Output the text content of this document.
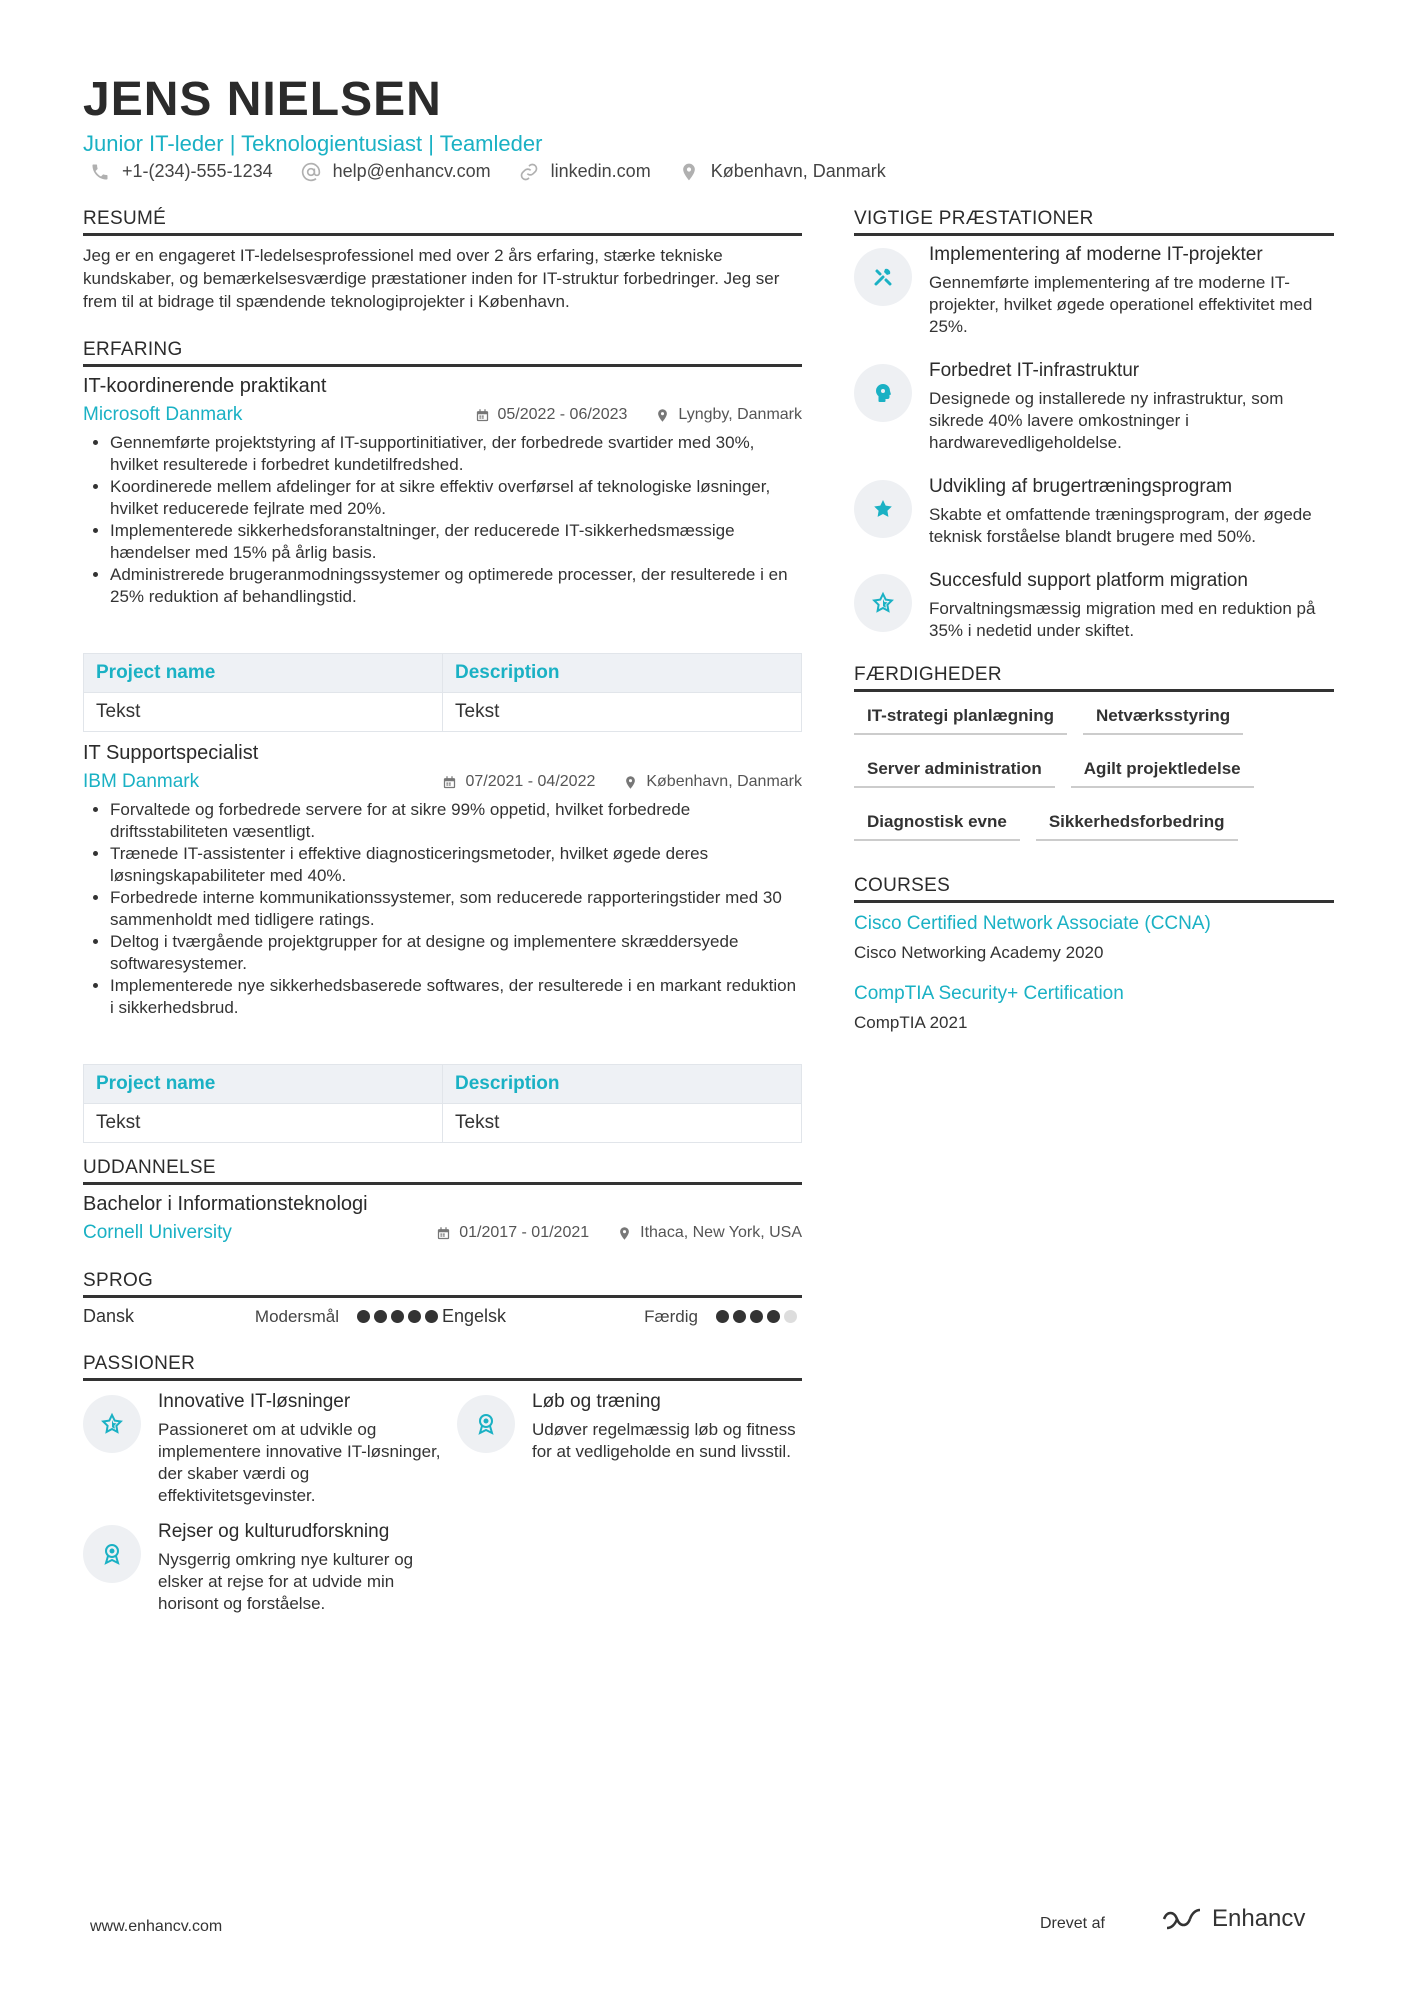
JENS NIELSEN
Junior IT-leder | Teknologientusiast | Teamleder
+1-(234)-555-1234	help@enhancv.com	linkedin.com	København, Danmark
RESUMÉ

Jeg er en engageret IT-ledelsesprofessionel med over 2 års erfaring, stærke tekniske kundskaber, og bemærkelsesværdige præstationer inden for IT-struktur forbedringer. Jeg ser frem til at bidrage til spændende teknologiprojekter i København.

ERFARING
IT-koordinerende praktikant
Microsoft Danmark	05/2022 - 06/2023	Lyngby, Danmark
• Gennemførte projektstyring af IT-supportinitiativer, der forbedrede svartider med 30%, hvilket resulterede i forbedret kundetilfredshed.
• Koordinerede mellem afdelinger for at sikre effektiv overførsel af teknologiske løsninger, hvilket reducerede fejlrate med 20%.
• Implementerede sikkerhedsforanstaltninger, der reducerede IT-sikkerhedsmæssige hændelser med 15% på årlig basis.
• Administrerede brugeranmodningssystemer og optimerede processer, der resulterede i en 25% reduktion af behandlingstid.
Project name	Description
Tekst	Tekst
IT Supportspecialist
IBM Danmark	07/2021 - 04/2022	København, Danmark
• Forvaltede og forbedrede servere for at sikre 99% oppetid, hvilket forbedrede driftsstabiliteten væsentligt.
• Trænede IT-assistenter i effektive diagnosticeringsmetoder, hvilket øgede deres løsningskapabiliteter med 40%.
• Forbedrede interne kommunikationssystemer, som reducerede rapporteringstider med 30 sammenholdt med tidligere ratings.
• Deltog i tværgående projektgrupper for at designe og implementere skræddersyede softwaresystemer.
• Implementerede nye sikkerhedsbaserede softwares, der resulterede i en markant reduktion i sikkerhedsbrud.
Project name	Description
Tekst	Tekst
UDDANNELSE
Bachelor i Informationsteknologi
Cornell University	01/2017 - 01/2021	Ithaca, New York, USA
SPROG
Dansk	Modersmål	Engelsk	Færdig
PASSIONER
Innovative IT-løsninger
Passioneret om at udvikle og implementere innovative IT-løsninger, der skaber værdi og effektivitetsgevinster.
Løb og træning
Udøver regelmæssig løb og fitness for at vedligeholde en sund livsstil.
Rejser og kulturudforskning
Nysgerrig omkring nye kulturer og elsker at rejse for at udvide min horisont og forståelse.
VIGTIGE PRÆSTATIONER
Implementering af moderne IT-projekter
Gennemførte implementering af tre moderne IT-projekter, hvilket øgede operationel effektivitet med 25%.
Forbedret IT-infrastruktur
Designede og installerede ny infrastruktur, som sikrede 40% lavere omkostninger i hardwarevedligeholdelse.
Udvikling af brugertræningsprogram
Skabte et omfattende træningsprogram, der øgede teknisk forståelse blandt brugere med 50%.
Succesfuld support platform migration
Forvaltningsmæssig migration med en reduktion på 35% i nedetid under skiftet.
FÆRDIGHEDER
IT-strategi planlægning	Netværksstyring
Server administration	Agilt projektledelse
Diagnostisk evne	Sikkerhedsforbedring
COURSES
Cisco Certified Network Associate (CCNA)
Cisco Networking Academy 2020
CompTIA Security+ Certification
CompTIA 2021
www.enhancv.com	Drevet af	Enhancv
